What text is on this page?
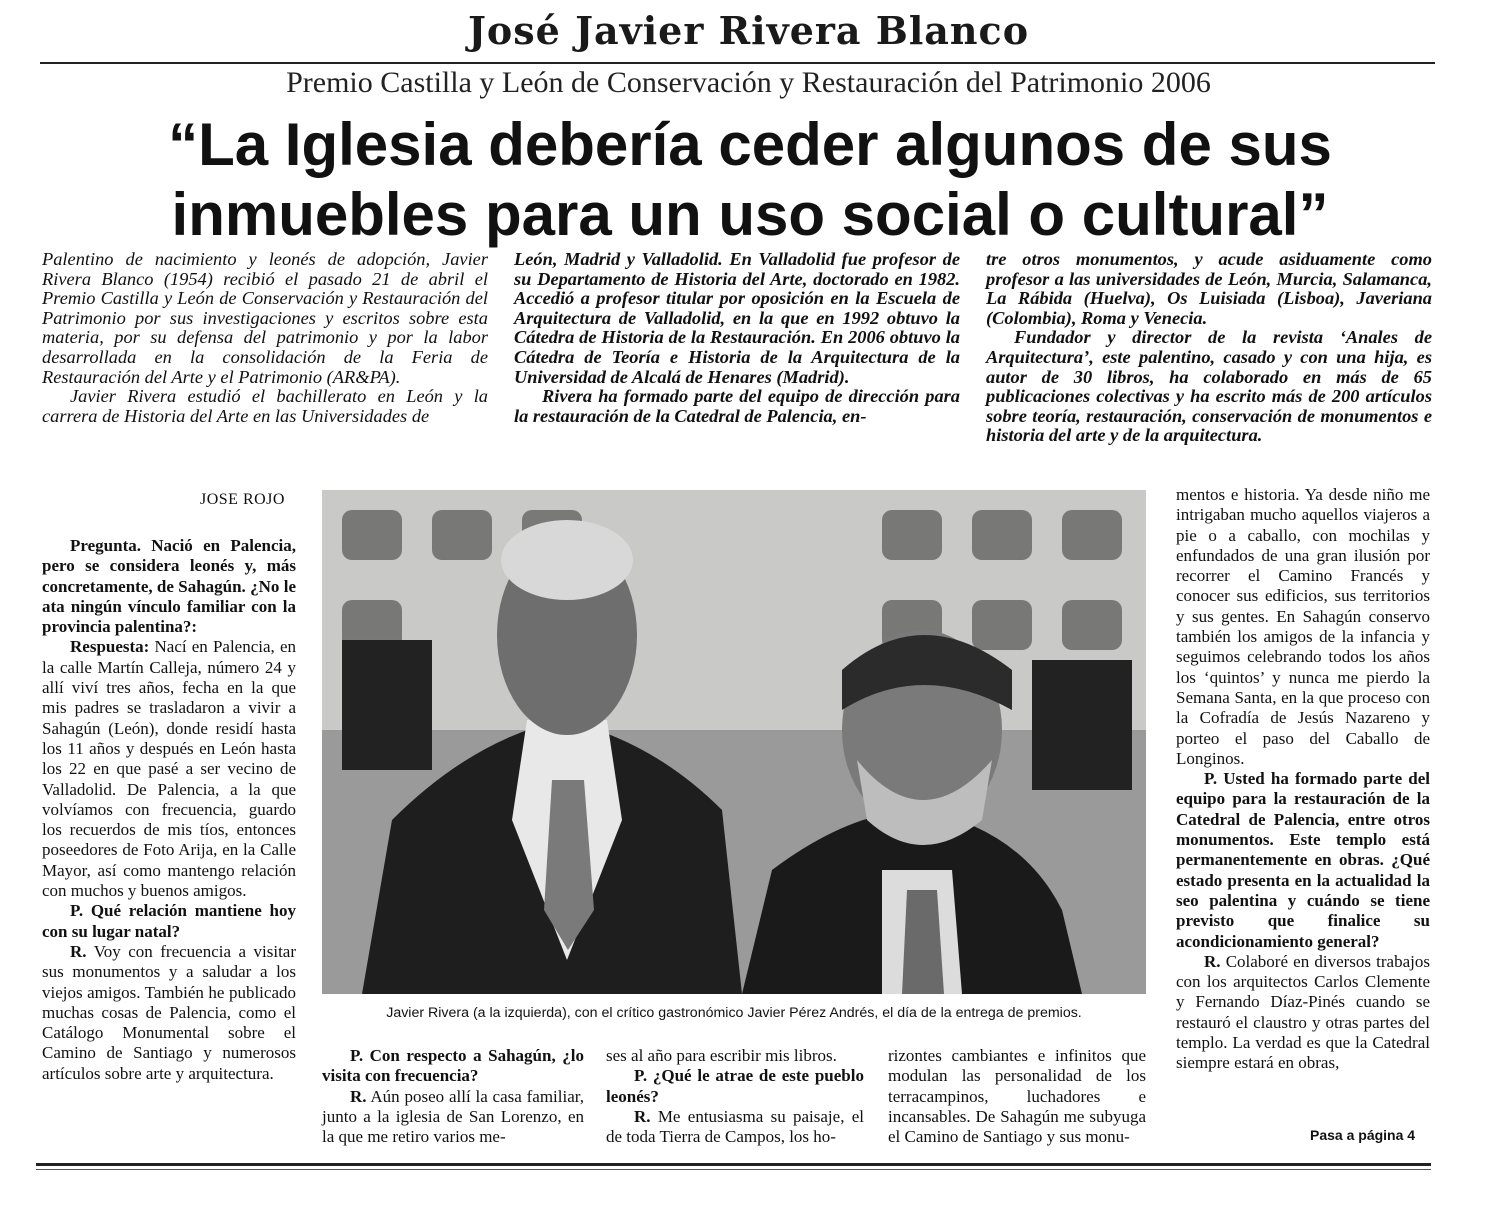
José Javier Rivera Blanco
Premio Castilla y León de Conservación y Restauración del Patrimonio 2006
“La Iglesia debería ceder algunos de sus inmuebles para un uso social o cultural”

Palentino de nacimiento y leonés de adopción, Javier Rivera Blanco (1954) recibió el pasado 21 de abril el Premio Castilla y León de Conservación y Restauración del Patrimonio por sus investigaciones y escritos sobre esta materia, por su defensa del patrimonio y por la labor desarrollada en la consolidación de la Feria de Restauración del Arte y el Patrimonio (AR&PA).

Javier Rivera estudió el bachillerato en León y la carrera de Historia del Arte en las Universidades de

León, Madrid y Valladolid. En Valladolid fue profesor de su Departamento de Historia del Arte, doctorado en 1982. Accedió a profesor titular por oposición en la Escuela de Arquitectura de Valladolid, en la que en 1992 obtuvo la Cátedra de Historia de la Restauración. En 2006 obtuvo la Cátedra de Teoría e Historia de la Arquitectura de la Universidad de Alcalá de Henares (Madrid).

Rivera ha formado parte del equipo de dirección para la restauración de la Catedral de Palencia, en-

tre otros monumentos, y acude asiduamente como profesor a las universidades de León, Murcia, Salamanca, La Rábida (Huelva), Os Luisiada (Lisboa), Javeriana (Colombia), Roma y Venecia.

Fundador y director de la revista ‘Anales de Arquitectura’, este palentino, casado y con una hija, es autor de 30 libros, ha colaborado en más de 65 publicaciones colectivas y ha escrito más de 200 artículos sobre teoría, restauración, conservación de monumentos e historia del arte y de la arquitectura.

JOSE ROJO

Pregunta. Nació en Palencia, pero se considera leonés y, más concretamente, de Sahagún. ¿No le ata ningún vínculo familiar con la provincia palentina?:

Respuesta: Nací en Palencia, en la calle Martín Calleja, número 24 y allí viví tres años, fecha en la que mis padres se trasladaron a vivir a Sahagún (León), donde residí hasta los 11 años y después en León hasta los 22 en que pasé a ser vecino de Valladolid. De Palencia, a la que volvíamos con frecuencia, guardo los recuerdos de mis tíos, entonces poseedores de Foto Arija, en la Calle Mayor, así como mantengo relación con muchos y buenos amigos.

P. Qué relación mantiene hoy con su lugar natal?

R. Voy con frecuencia a visitar sus monumentos y a saludar a los viejos amigos. También he publicado muchas cosas de Palencia, como el Catálogo Monumental sobre el Camino de Santiago y numerosos artículos sobre arte y arquitectura.

Javier Rivera (a la izquierda), con el crítico gastronómico Javier Pérez Andrés, el día de la entrega de premios.

mentos e historia. Ya desde niño me intrigaban mucho aquellos viajeros a pie o a caballo, con mochilas y enfundados de una gran ilusión por recorrer el Camino Francés y conocer sus edificios, sus territorios y sus gentes. En Sahagún conservo también los amigos de la infancia y seguimos celebrando todos los años los ‘quintos’ y nunca me pierdo la Semana Santa, en la que proceso con la Cofradía de Jesús Nazareno y porteo el paso del Caballo de Longinos.

P. Usted ha formado parte del equipo para la restauración de la Catedral de Palencia, entre otros monumentos. Este templo está permanentemente en obras. ¿Qué estado presenta en la actualidad la seo palentina y cuándo se tiene previsto que finalice su acondicionamiento general?

R. Colaboré en diversos trabajos con los arquitectos Carlos Clemente y Fernando Díaz-Pinés cuando se restauró el claustro y otras partes del templo. La verdad es que la Catedral siempre estará en obras,

P. Con respecto a Sahagún, ¿lo visita con frecuencia?

R. Aún poseo allí la casa familiar, junto a la iglesia de San Lorenzo, en la que me retiro varios me-

ses al año para escribir mis libros.

P. ¿Qué le atrae de este pueblo leonés?

R. Me entusiasma su paisaje, el de toda Tierra de Campos, los ho-

rizontes cambiantes e infinitos que modulan las personalidad de los terracampinos, luchadores e incansables. De Sahagún me subyuga el Camino de Santiago y sus monu-	Pasa a página 4
